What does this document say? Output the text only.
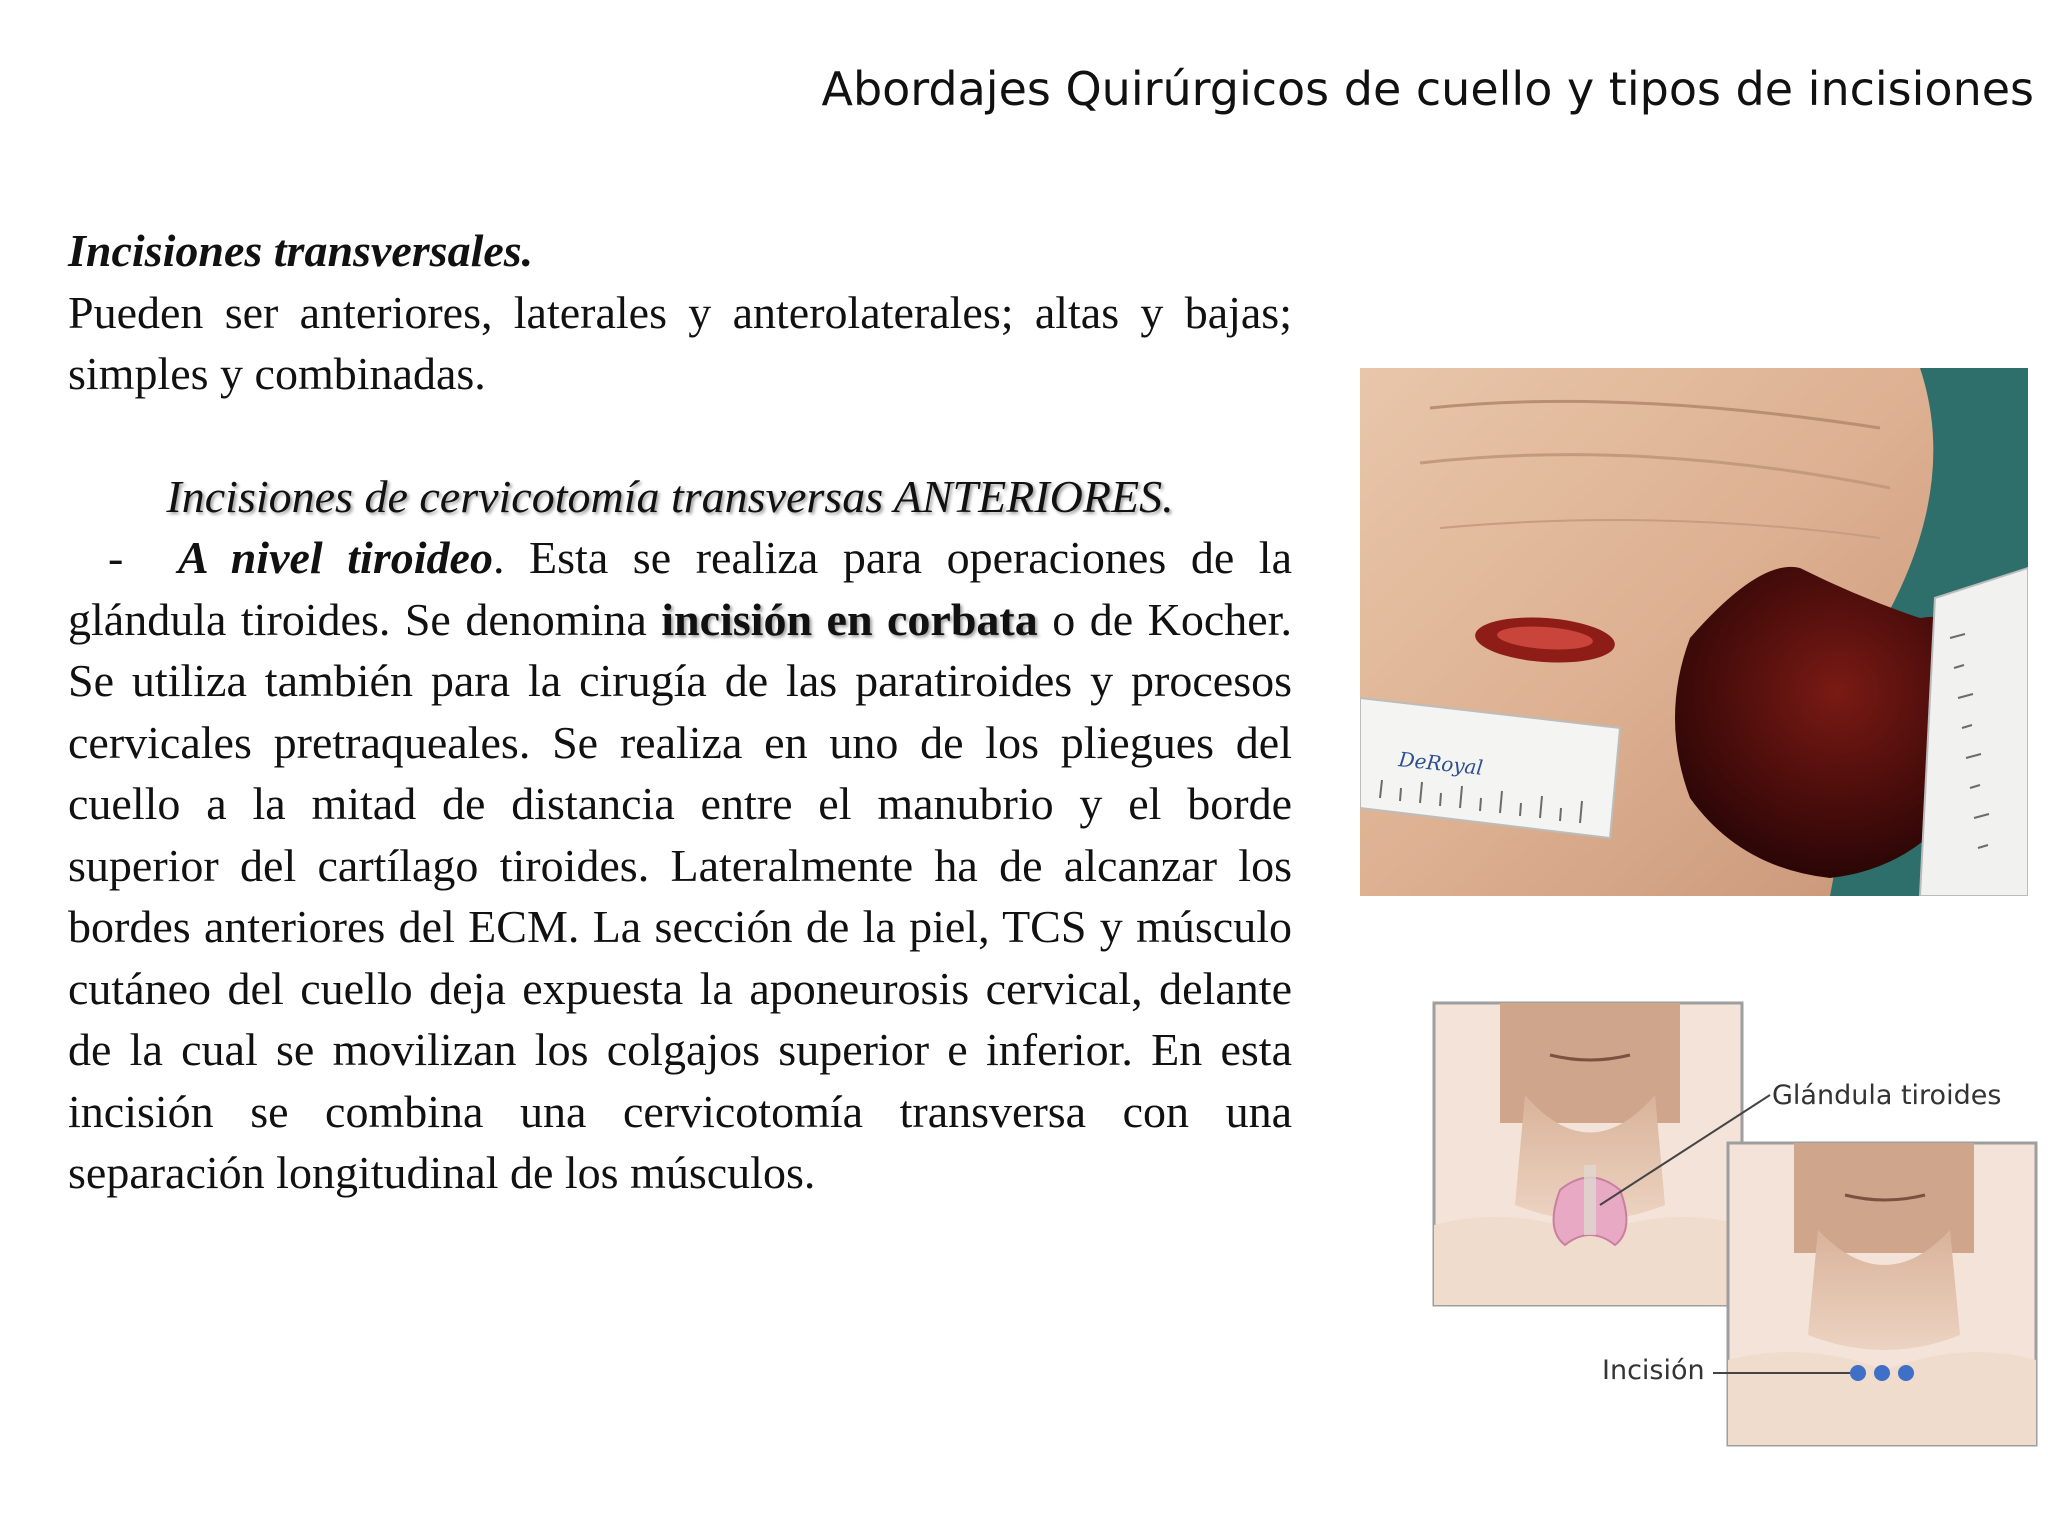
Abordajes Quirúrgicos de cuello y tipos de incisiones

Incisiones transversales.

Pueden ser anteriores, laterales y anterolaterales; altas y bajas; simples y combinadas.

Incisiones de cervicotomía transversas ANTERIORES.

- A nivel tiroideo. Esta se realiza para operaciones de la glándula tiroides. Se denomina incisión en corbata o de Kocher. Se utiliza también para la cirugía de las paratiroides y procesos cervicales pretraqueales. Se realiza en uno de los pliegues del cuello a la mitad de distancia entre el manubrio y el borde superior del cartílago tiroides. Lateralmente ha de alcanzar los bordes anteriores del ECM. La sección de la piel, TCS y músculo cutáneo del cuello deja expuesta la aponeurosis cervical, delante de la cual se movilizan los colgajos superior e inferior. En esta incisión se combina una cervicotomía transversa con una separación longitudinal de los músculos.

DeRoyal
Glándula tiroides
Incisión
